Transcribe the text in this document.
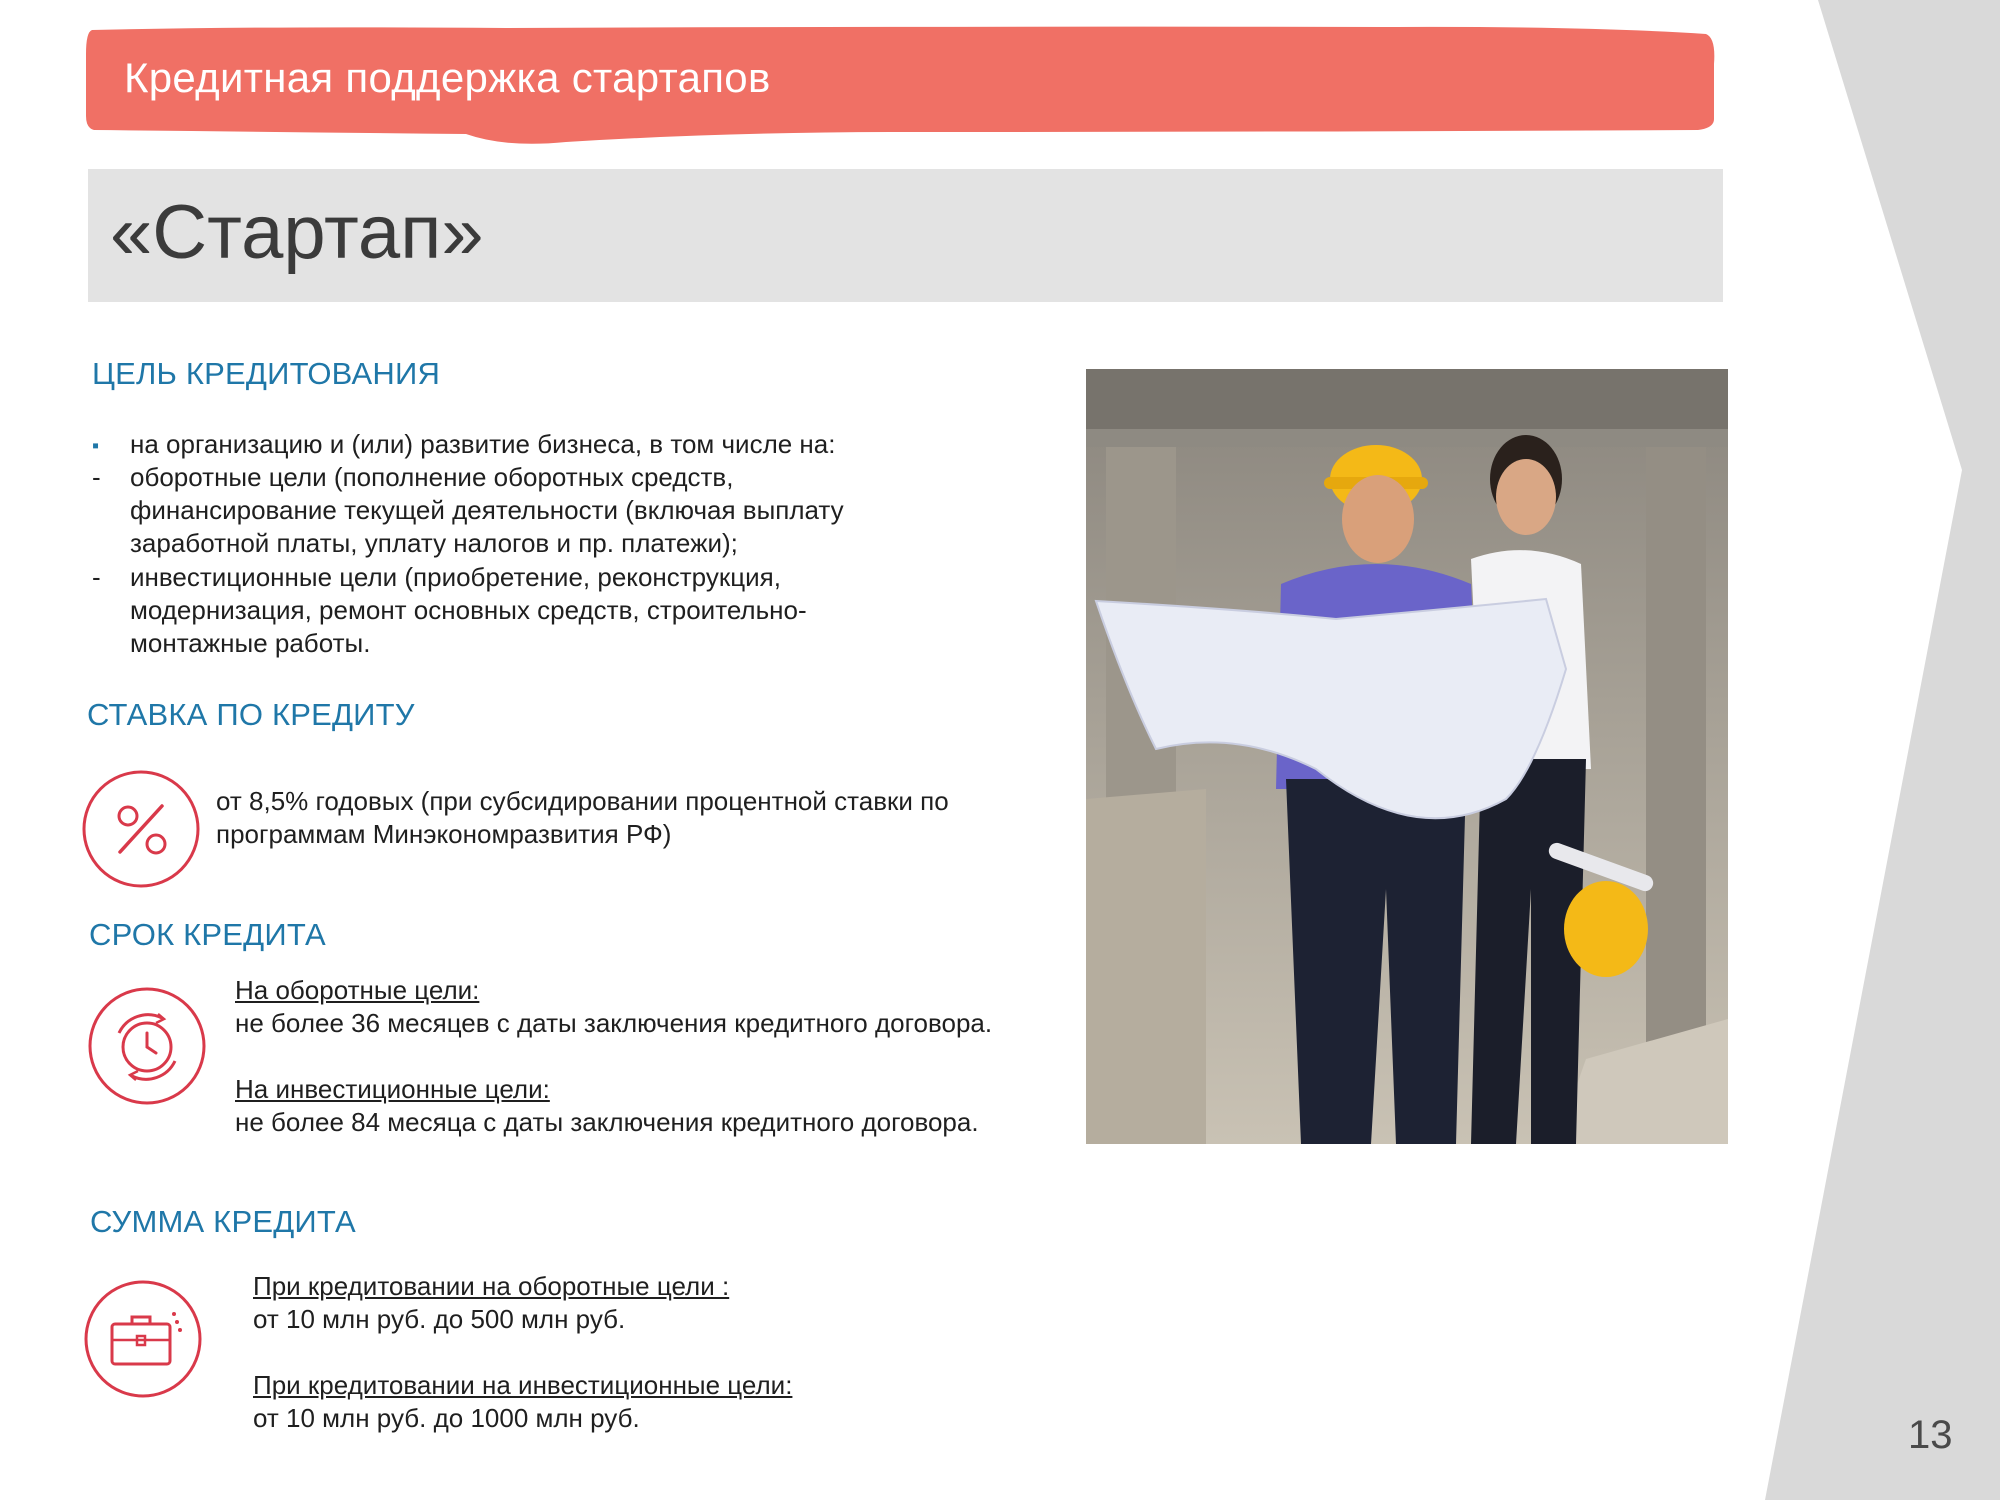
Кредитная поддержка стартапов
«Стартап»
ЦЕЛЬ КРЕДИТОВАНИЯ
▪	на организацию и (или) развитие бизнеса, в том числе на:
-	оборотные цели (пополнение оборотных средств,
финансирование текущей деятельности (включая выплату
заработной платы, уплату налогов и пр. платежи);
-	инвестиционные цели (приобретение, реконструкция,
модернизация, ремонт основных средств, строительно-
монтажные работы.
СТАВКА ПО КРЕДИТУ
от 8,5% годовых (при субсидировании процентной ставки по
программам Минэкономразвития РФ)
СРОК КРЕДИТА
На оборотные цели:
не более 36 месяцев с даты заключения кредитного договора.
На инвестиционные цели:
не более 84 месяца с даты заключения кредитного договора.
СУММА КРЕДИТА
При кредитовании на оборотные цели :
от 10 млн руб. до 500 млн руб.
При кредитовании на инвестиционные цели:
от 10 млн руб. до 1000 млн руб.	13
